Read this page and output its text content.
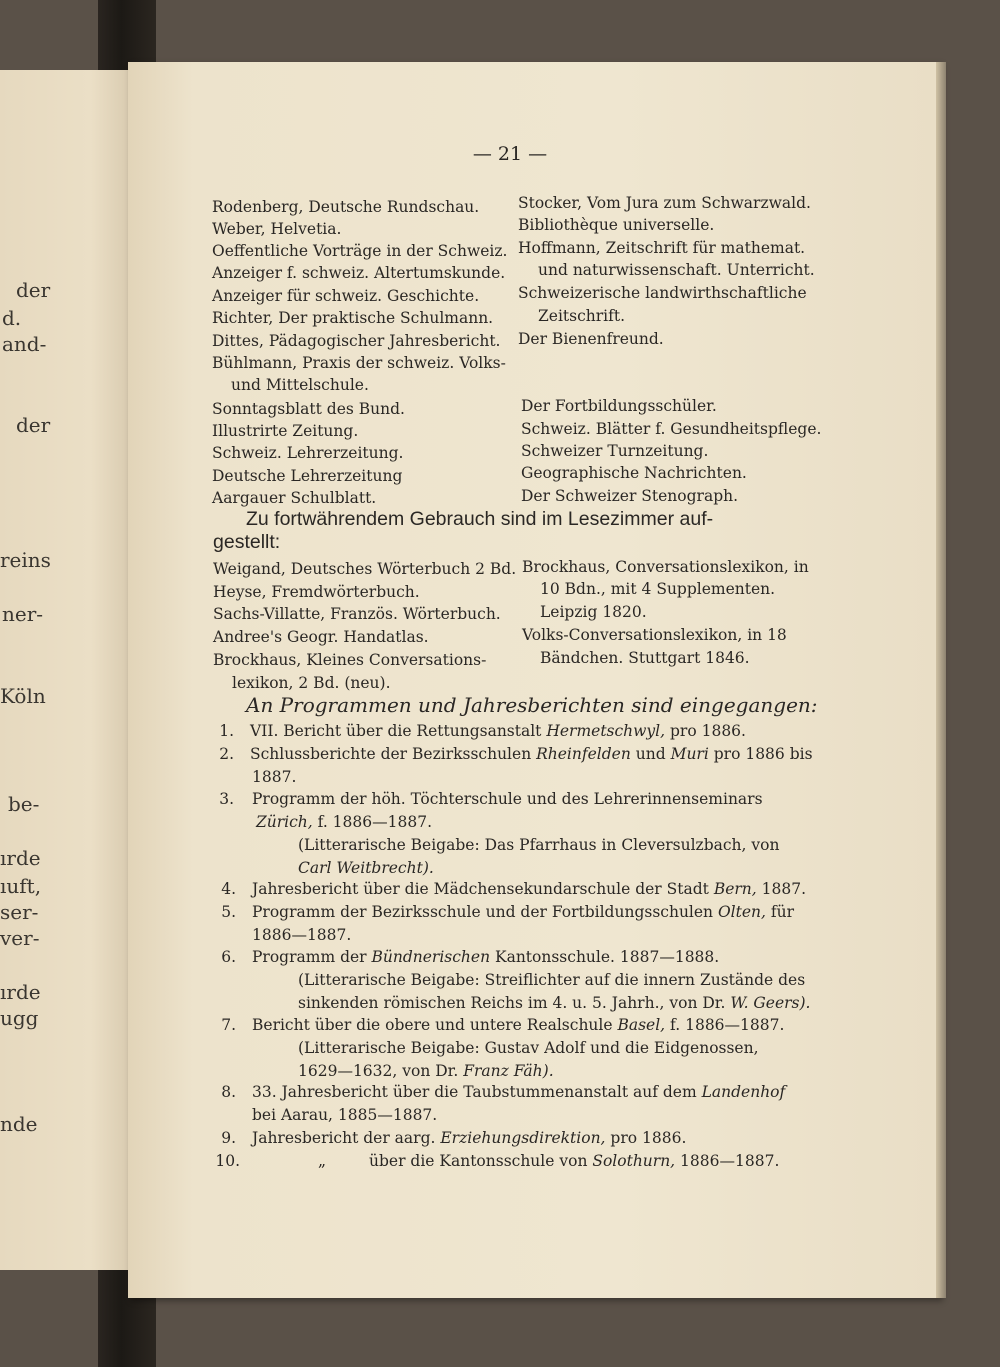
der
d.
and-
der
reins
ner-
Köln
be-
ırde
ıuft,
ser-
ver-
ırde
ugg
nde
— 21 —
Rodenberg, Deutsche Rundschau.
Weber, Helvetia.
Oeffentliche Vorträge in der Schweiz.
Anzeiger f. schweiz. Altertumskunde.
Anzeiger für schweiz. Geschichte.
Richter, Der praktische Schulmann.
Dittes, Pädagogischer Jahresbericht.
Bühlmann, Praxis der schweiz. Volks-
und Mittelschule.
Sonntagsblatt des Bund.
Illustrirte Zeitung.
Schweiz. Lehrerzeitung.
Deutsche Lehrerzeitung
Aargauer Schulblatt.
Stocker, Vom Jura zum Schwarzwald.
Bibliothèque universelle.
Hoffmann, Zeitschrift für mathemat.
und naturwissenschaft. Unterricht.
Schweizerische landwirthschaftliche
Zeitschrift.
Der Bienenfreund.
Der Fortbildungsschüler.
Schweiz. Blätter f. Gesundheitspflege.
Schweizer Turnzeitung.
Geographische Nachrichten.
Der Schweizer Stenograph.
Zu fortwährendem Gebrauch sind im Lesezimmer auf-
gestellt:
Weigand, Deutsches Wörterbuch 2 Bd.
Heyse, Fremdwörterbuch.
Sachs-Villatte, Französ. Wörterbuch.
Andree's Geogr. Handatlas.
Brockhaus, Kleines Conversations-
lexikon, 2 Bd. (neu).
Brockhaus, Conversationslexikon, in
10 Bdn., mit 4 Supplementen.
Leipzig 1820.
Volks-Conversationslexikon, in 18
Bändchen. Stuttgart 1846.
An Programmen und Jahresberichten sind eingegangen:
1. VII. Bericht über die Rettungsanstalt Hermetschwyl, pro 1886.
2. Schlussberichte der Bezirksschulen Rheinfelden und Muri pro 1886 bis
1887.
3. Programm der höh. Töchterschule und des Lehrerinnenseminars
Zürich, f. 1886—1887.
(Litterarische Beigabe: Das Pfarrhaus in Cleversulzbach, von
Carl Weitbrecht).
4. Jahresbericht über die Mädchensekundarschule der Stadt Bern, 1887.
5. Programm der Bezirksschule und der Fortbildungsschulen Olten, für
1886—1887.
6. Programm der Bündnerischen Kantonsschule. 1887—1888.
(Litterarische Beigabe: Streiflichter auf die innern Zustände des
sinkenden römischen Reichs im 4. u. 5. Jahrh., von Dr. W. Geers).
7. Bericht über die obere und untere Realschule Basel, f. 1886—1887.
(Litterarische Beigabe: Gustav Adolf und die Eidgenossen,
1629—1632, von Dr. Franz Fäh).
8. 33. Jahresbericht über die Taubstummenanstalt auf dem Landenhof
bei Aarau, 1885—1887.
9. Jahresbericht der aarg. Erziehungsdirektion, pro 1886.
10.	„	über die Kantonsschule von Solothurn, 1886—1887.
